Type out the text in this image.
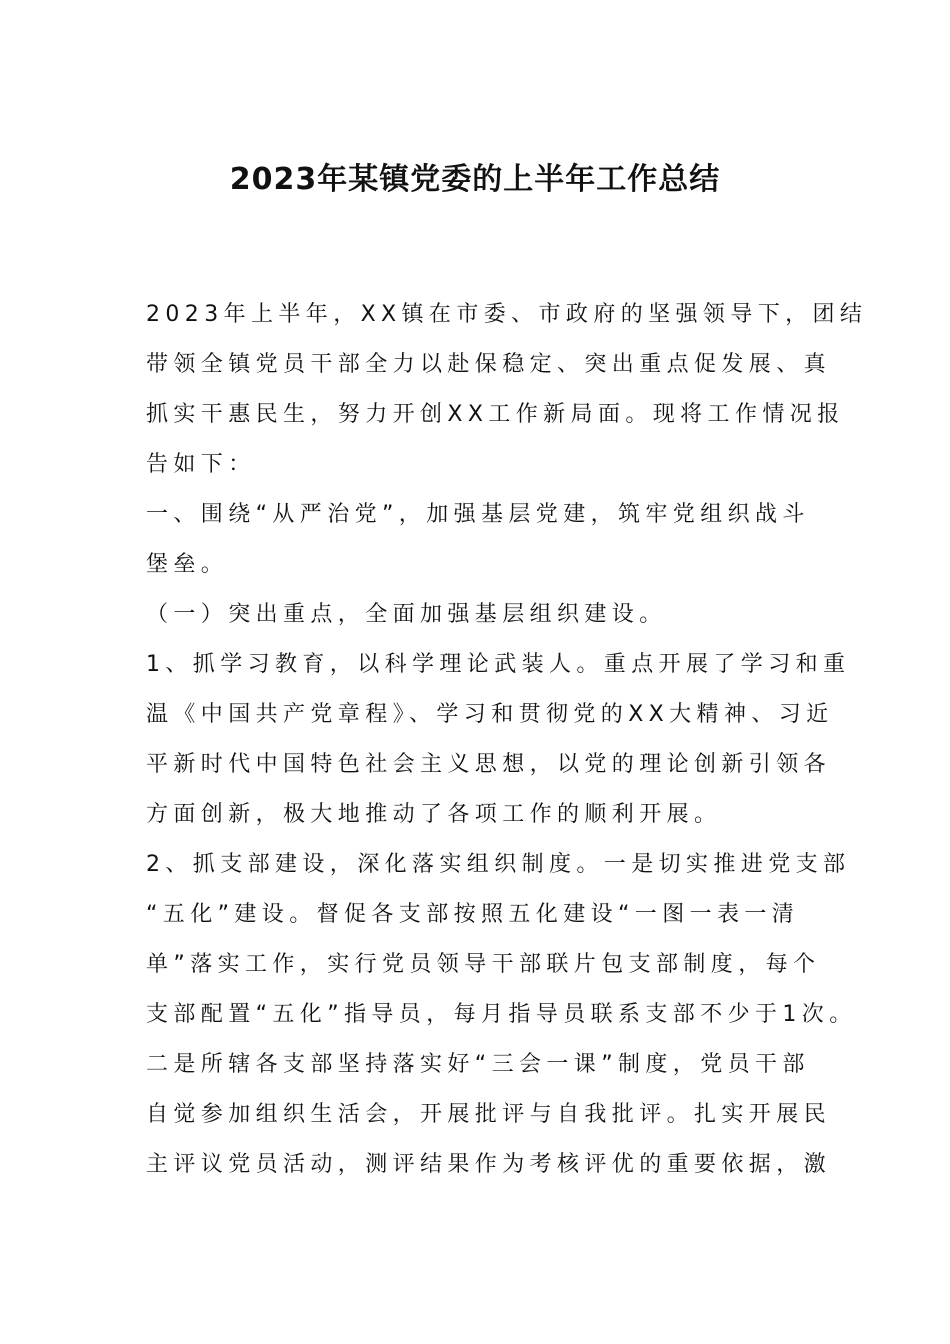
2023年某镇党委的上半年工作总结

2023年上半年，XX镇在市委、市政府的坚强领导下，团结

带领全镇党员干部全力以赴保稳定、突出重点促发展、真

抓实干惠民生，努力开创XX工作新局面。现将工作情况报

告如下：

一、围绕“从严治党”，加强基层党建，筑牢党组织战斗

堡垒。

（一）突出重点，全面加强基层组织建设。

1、抓学习教育，以科学理论武装人。重点开展了学习和重

温《中国共产党章程》、学习和贯彻党的XX大精神、习近

平新时代中国特色社会主义思想，以党的理论创新引领各

方面创新，极大地推动了各项工作的顺利开展。

2、抓支部建设，深化落实组织制度。一是切实推进党支部

“五化”建设。督促各支部按照五化建设“一图一表一清

单”落实工作，实行党员领导干部联片包支部制度，每个

支部配置“五化”指导员，每月指导员联系支部不少于1次。

二是所辖各支部坚持落实好“三会一课”制度，党员干部

自觉参加组织生活会，开展批评与自我批评。扎实开展民

主评议党员活动，测评结果作为考核评优的重要依据，激
